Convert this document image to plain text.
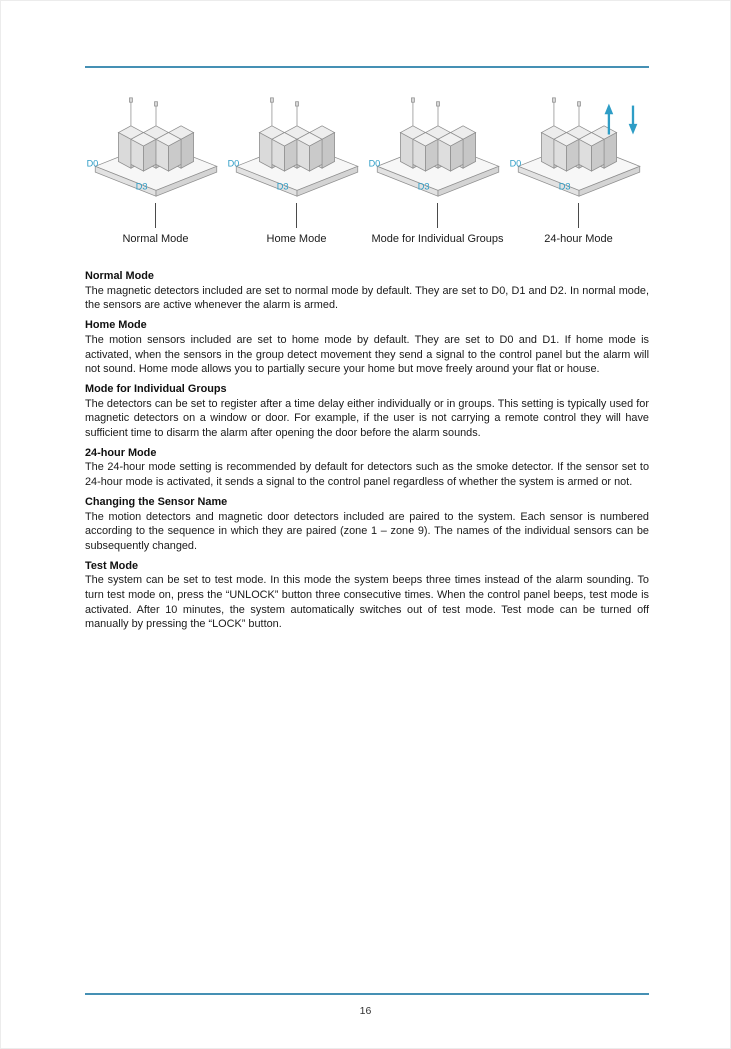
D0
D3
Normal Mode
D0
D3
Home Mode
D0
D3
Mode for Individual Groups
D0
D3
24-hour Mode
Normal Mode

The magnetic detectors included are set to normal mode by default. They are set to D0, D1 and D2. In normal mode, the sensors are active whenever the alarm is armed.

Home Mode

The motion sensors included are set to home mode by default. They are set to D0 and D1. If home mode is activated, when the sensors in the group detect movement they send a signal to the control panel but the alarm will not sound. Home mode allows you to partially secure your home but move freely around your flat or house.

Mode for Individual Groups

The detectors can be set to register after a time delay either individually or in groups. This setting is typically used for magnetic detectors on a window or door. For example, if the user is not carrying a remote control they will have sufficient time to disarm the alarm after opening the door before the alarm sounds.

24-hour Mode

The 24-hour mode setting is recommended by default for detectors such as the smoke detector. If the sensor set to 24-hour mode is activated, it sends a signal to the control panel regardless of whether the system is armed or not.

Changing the Sensor Name

The motion detectors and magnetic door detectors included are paired to the system. Each sensor is numbered according to the sequence in which they are paired (zone 1 – zone 9). The names of the individual sensors can be subsequently changed.

Test Mode

The system can be set to test mode. In this mode the system beeps three times instead of the alarm sounding. To turn test mode on, press the “UNLOCK” button three consecutive times. When the control panel beeps, test mode is activated. After 10 minutes, the system automatically switches out of test mode. Test mode can be turned off manually by pressing the “LOCK” button.

16
